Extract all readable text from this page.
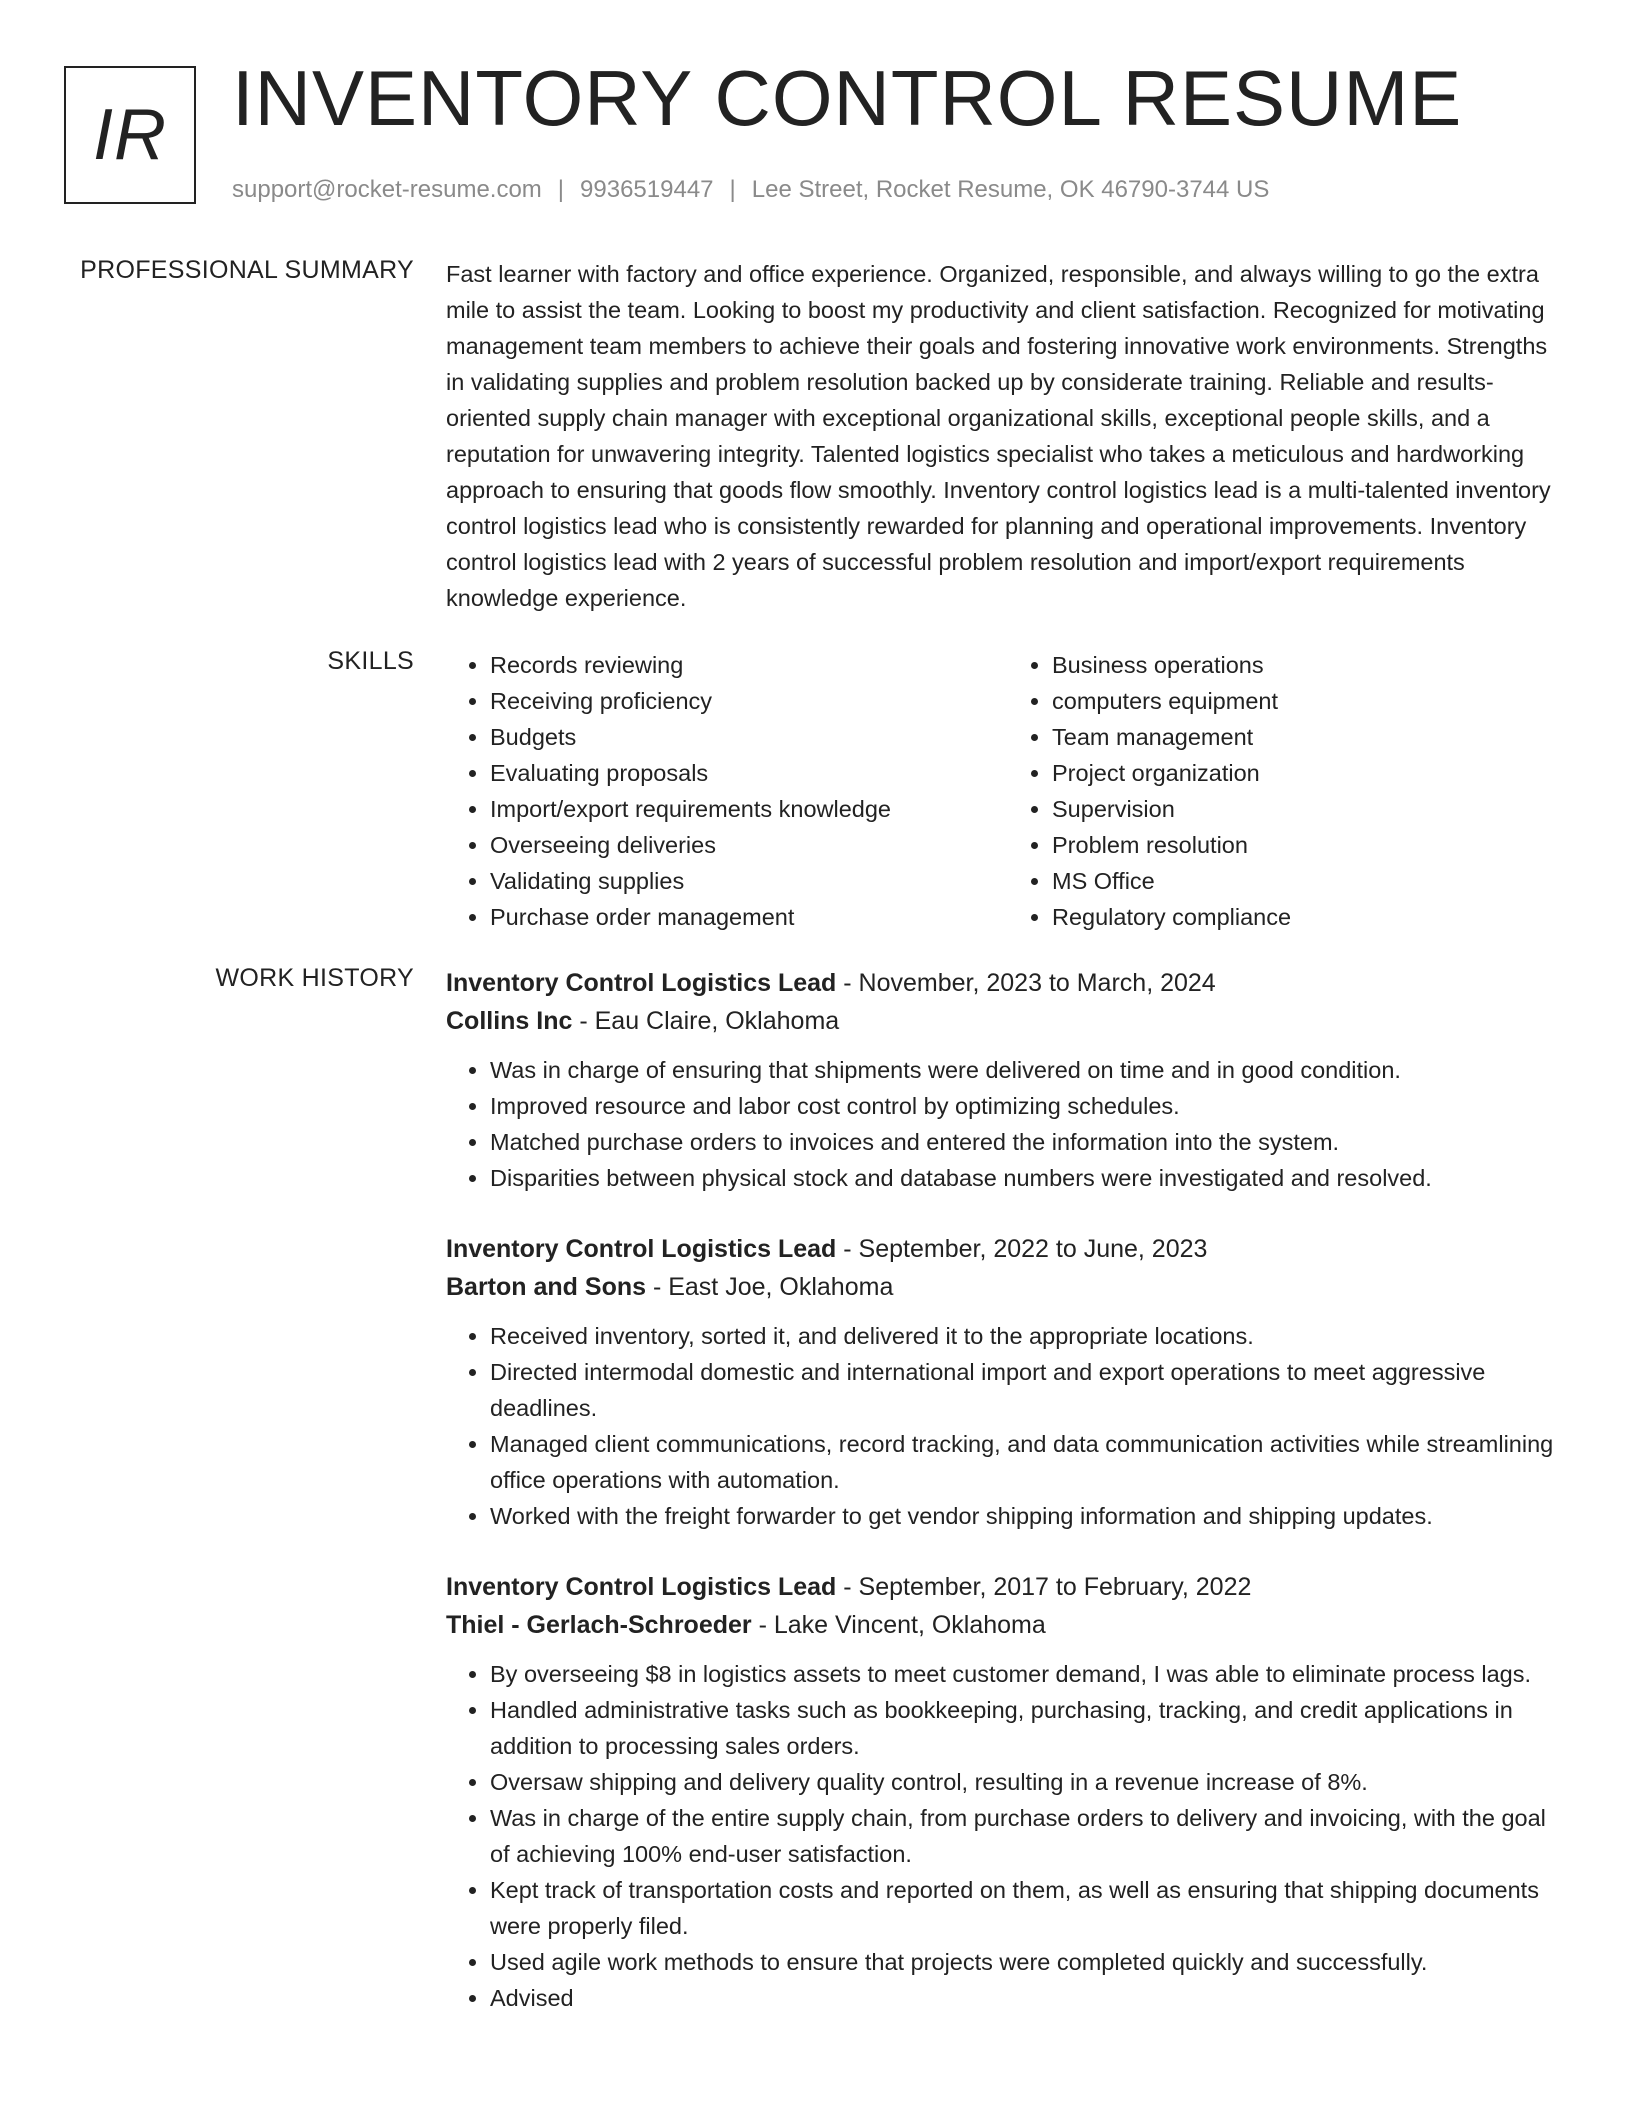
IR INVENTORY CONTROL RESUME
support@rocket-resume.com | 9936519447 | Lee Street, Rocket Resume, OK 46790-3744 US
PROFESSIONAL SUMMARY Fast learner with factory and office experience. Organized, responsible, and always willing to go the extra mile to assist the team. Looking to boost my productivity and client satisfaction. Recognized for motivating management team members to achieve their goals and fostering innovative work environments. Strengths in validating supplies and problem resolution backed up by considerate training. Reliable and results-oriented supply chain manager with exceptional organizational skills, exceptional people skills, and a reputation for unwavering integrity. Talented logistics specialist who takes a meticulous and hardworking approach to ensuring that goods flow smoothly. Inventory control logistics lead is a multi-talented inventory control logistics lead who is consistently rewarded for planning and operational improvements. Inventory control logistics lead with 2 years of successful problem resolution and import/export requirements knowledge experience.

SKILLS
•	Records reviewing
• Receiving proficiency
• Budgets
• Evaluating proposals
• Import/export requirements knowledge
• Overseeing deliveries
• Validating supplies
• Purchase order management
• Business operations
• computers equipment
• Team management
• Project organization
• Supervision
• Problem resolution
• MS Office
• Regulatory compliance
WORK HISTORY Inventory Control Logistics Lead - November, 2023 to March, 2024
Collins Inc - Eau Claire, Oklahoma
• Was in charge of ensuring that shipments were delivered on time and in good condition.
• Improved resource and labor cost control by optimizing schedules.
• Matched purchase orders to invoices and entered the information into the system.
• Disparities between physical stock and database numbers were investigated and resolved.
Inventory Control Logistics Lead - September, 2022 to June, 2023
Barton and Sons - East Joe, Oklahoma
• Received inventory, sorted it, and delivered it to the appropriate locations.
• Directed intermodal domestic and international import and export operations to meet aggressive deadlines.
• Managed client communications, record tracking, and data communication activities while streamlining office operations with automation.
• Worked with the freight forwarder to get vendor shipping information and shipping updates.
Inventory Control Logistics Lead - September, 2017 to February, 2022
Thiel - Gerlach-Schroeder - Lake Vincent, Oklahoma
• By overseeing $8 in logistics assets to meet customer demand, I was able to eliminate process lags.
• Handled administrative tasks such as bookkeeping, purchasing, tracking, and credit applications in addition to processing sales orders.
• Oversaw shipping and delivery quality control, resulting in a revenue increase of 8%.
• Was in charge of the entire supply chain, from purchase orders to delivery and invoicing, with the goal of achieving 100% end-user satisfaction.
• Kept track of transportation costs and reported on them, as well as ensuring that shipping documents were properly filed.
• Used agile work methods to ensure that projects were completed quickly and successfully.
• Advised
